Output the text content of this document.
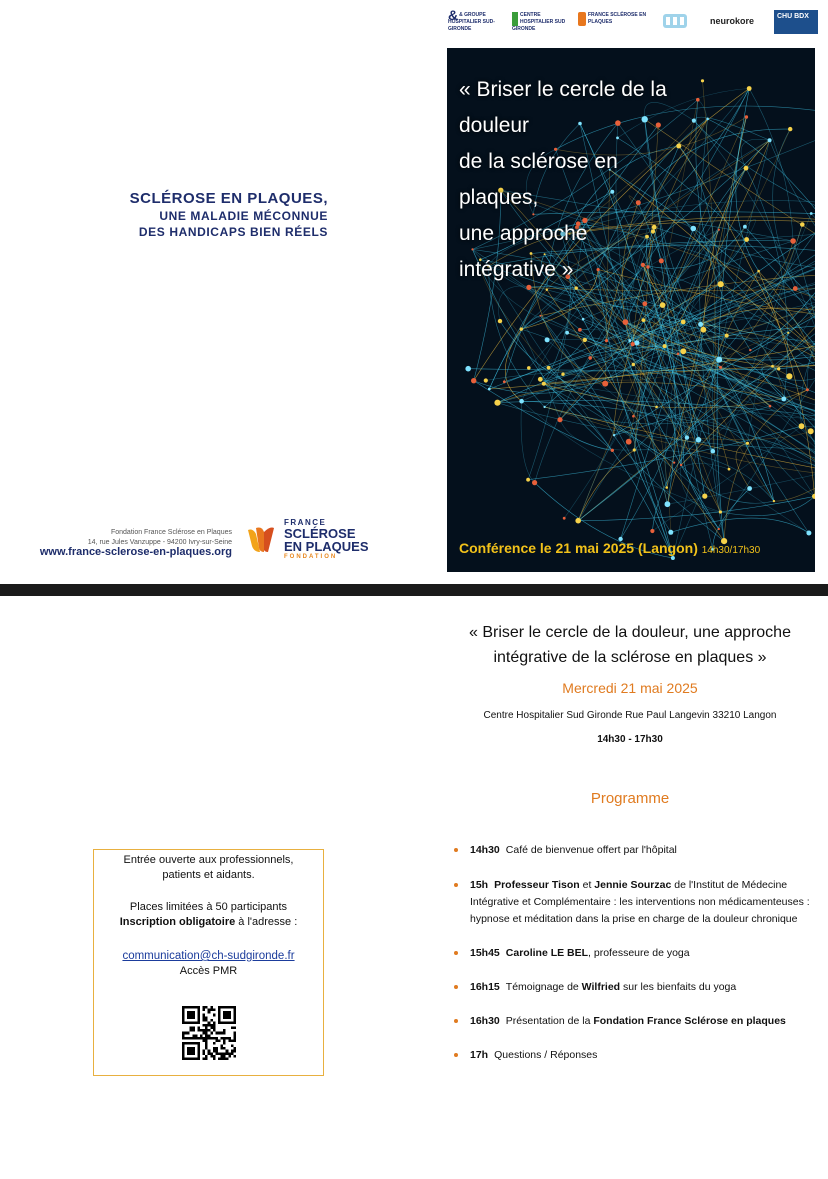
SCLÉROSE EN PLAQUES,
UNE MALADIE MÉCONNUE
DES HANDICAPS BIEN RÉELS
Fondation France Sclérose en Plaques
14, rue Jules Vanzuppe - 94200 Ivry-sur-Seine
www.france-sclerose-en-plaques.org
FRANCE
SCLÉROSE
EN PLAQUES
FONDATION
& & GROUPE HOSPITALIER SUD-GIRONDE
CENTRE HOSPITALIER SUD GIRONDE
FRANCE SCLÉROSE EN PLAQUES	neurokore	CHU BDX
« Briser le cercle de la
douleur
de la sclérose en
plaques,
une approche
intégrative »
Conférence le 21 mai 2025 (Langon) 14h30/17h30
Entrée ouverte aux professionnels,
patients et aidants.
Places limitées à 50 participants
Inscription obligatoire à l'adresse :
communication@ch-sudgironde.fr
Accès PMR
« Briser le cercle de la douleur, une approche
intégrative de la sclérose en plaques »
Mercredi 21 mai 2025
Centre Hospitalier Sud Gironde Rue Paul Langevin 33210 Langon
14h30 - 17h30
Programme
14h30 Café de bienvenue offert par l'hôpital
15h Professeur Tison et Jennie Sourzac de l'Institut de Médecine Intégrative et Complémentaire : les interventions non médicamenteuses : hypnose et méditation dans la prise en charge de la douleur chronique
15h45 Caroline LE BEL, professeure de yoga
16h15 Témoignage de Wilfried sur les bienfaits du yoga
16h30 Présentation de la Fondation France Sclérose en plaques
17h Questions / Réponses
